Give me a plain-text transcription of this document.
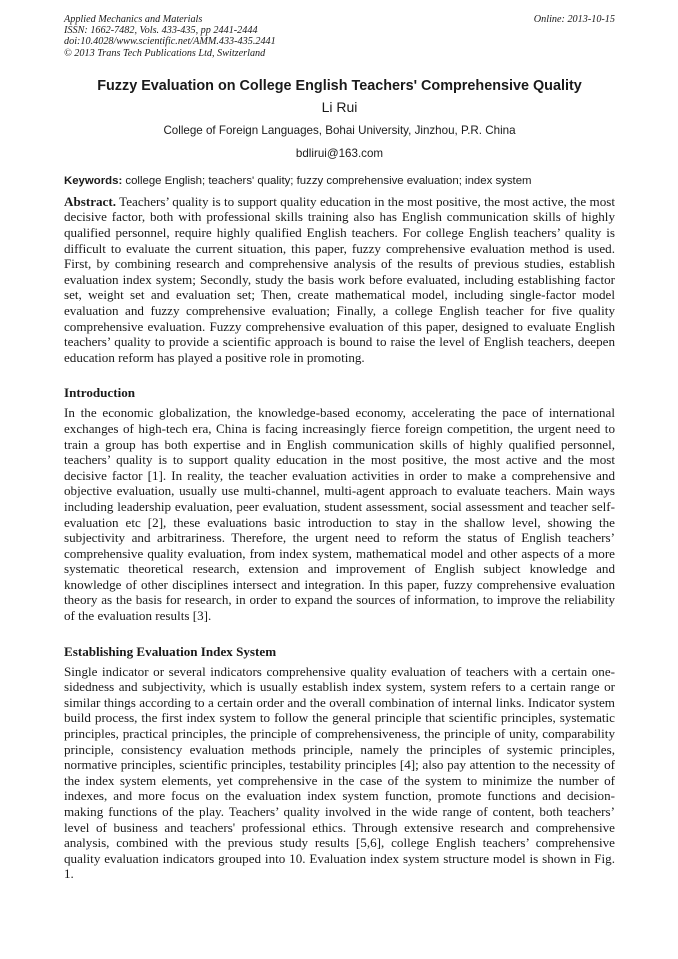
Applied Mechanics and Materials
ISSN: 1662-7482, Vols. 433-435, pp 2441-2444
doi:10.4028/www.scientific.net/AMM.433-435.2441
© 2013 Trans Tech Publications Ltd, Switzerland
Online: 2013-10-15
Fuzzy Evaluation on College English Teachers' Comprehensive Quality
Li Rui
College of Foreign Languages, Bohai University, Jinzhou, P.R. China
bdlirui@163.com
Keywords: college English; teachers' quality; fuzzy comprehensive evaluation; index system

Abstract. Teachers’ quality is to support quality education in the most positive, the most active, the most decisive factor, both with professional skills training also has English communication skills of highly qualified personnel, require highly qualified English teachers. For college English teachers’ quality is difficult to evaluate the current situation, this paper, fuzzy comprehensive evaluation method is used. First, by combining research and comprehensive analysis of the results of previous studies, establish evaluation index system; Secondly, study the basis work before evaluated, including establishing factor set, weight set and evaluation set; Then, create mathematical model, including single-factor model evaluation and fuzzy comprehensive evaluation; Finally, a college English teacher for five quality comprehensive evaluation. Fuzzy comprehensive evaluation of this paper, designed to evaluate English teachers’ quality to provide a scientific approach is bound to raise the level of English teachers, deepen education reform has played a positive role in promoting.

Introduction

In the economic globalization, the knowledge-based economy, accelerating the pace of international exchanges of high-tech era, China is facing increasingly fierce foreign competition, the urgent need to train a group has both expertise and in English communication skills of highly qualified personnel, teachers’ quality is to support quality education in the most positive, the most active and the most decisive factor [1]. In reality, the teacher evaluation activities in order to make a comprehensive and objective evaluation, usually use multi-channel, multi-agent approach to evaluate teachers. Main ways including leadership evaluation, peer evaluation, student assessment, social assessment and teacher self-evaluation etc [2], these evaluations basic introduction to stay in the shallow level, showing the subjectivity and arbitrariness. Therefore, the urgent need to reform the status of English teachers’ comprehensive quality evaluation, from index system, mathematical model and other aspects of a more systematic theoretical research, extension and improvement of English subject knowledge and knowledge of other disciplines intersect and integration. In this paper, fuzzy comprehensive evaluation theory as the basis for research, in order to expand the sources of information, to improve the reliability of the evaluation results [3].

Establishing Evaluation Index System

Single indicator or several indicators comprehensive quality evaluation of teachers with a certain one-sidedness and subjectivity, which is usually establish index system, system refers to a certain range or similar things according to a certain order and the overall combination of internal links. Indicator system build process, the first index system to follow the general principle that scientific principles, systematic principles, practical principles, the principle of comprehensiveness, the principle of unity, comparability principle, consistency evaluation methods principle, namely the principles of systemic principles, normative principles, scientific principles, testability principles [4]; also pay attention to the necessity of the index system elements, yet comprehensive in the case of the system to minimize the number of indexes, and more focus on the evaluation index system function, promote functions and decision-making functions of the play. Teachers’ quality involved in the wide range of content, both teachers’ level of business and teachers' professional ethics. Through extensive research and comprehensive analysis, combined with the previous study results [5,6], college English teachers’ comprehensive quality evaluation indicators grouped into 10. Evaluation index system structure model is shown in Fig. 1.
